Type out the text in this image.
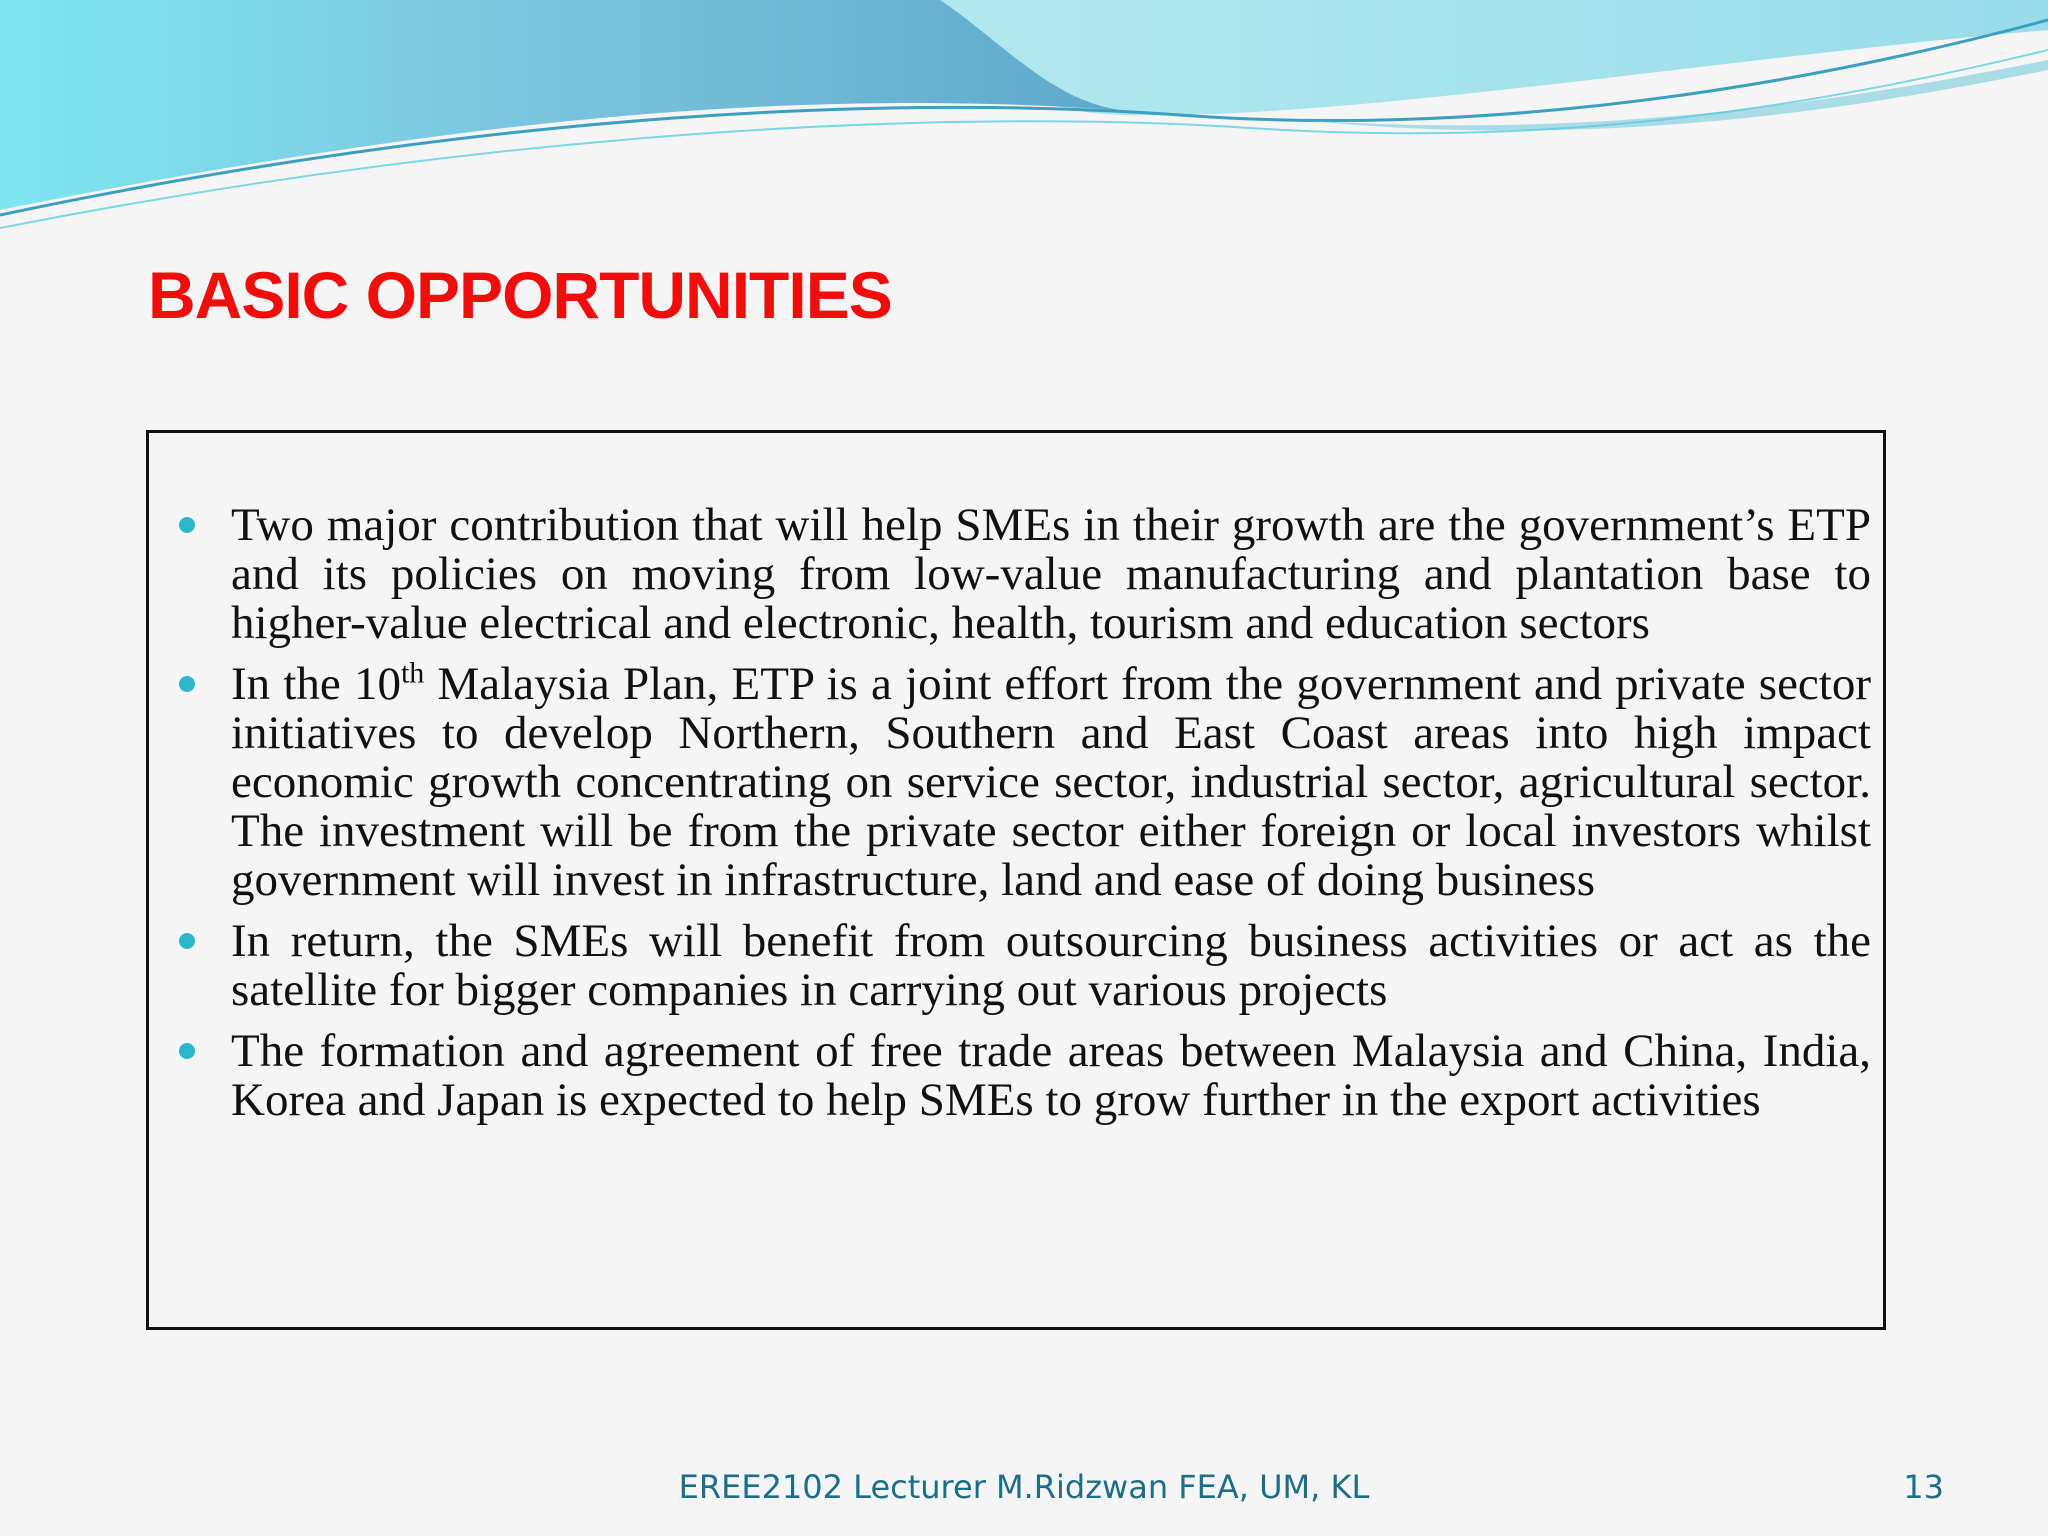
BASIC OPPORTUNITIES
Two major contribution that will help SMEs in their growth are the government’s ETP and its policies on moving from low-value manufacturing and plantation base to higher-value electrical and electronic, health, tourism and education sectors
In the 10th Malaysia Plan, ETP is a joint effort from the government and private sector initiatives to develop Northern, Southern and East Coast areas into high impact economic growth concentrating on service sector, industrial sector, agricultural sector. The investment will be from the private sector either foreign or local investors whilst government will invest in infrastructure, land and ease of doing business
In return, the SMEs will benefit from outsourcing business activities or act as the satellite for bigger companies in carrying out various projects
The formation and agreement of free trade areas between Malaysia and China, India, Korea and Japan is expected to help SMEs to grow further in the export activities
EREE2102 Lecturer M.Ridzwan FEA, UM, KL	13
